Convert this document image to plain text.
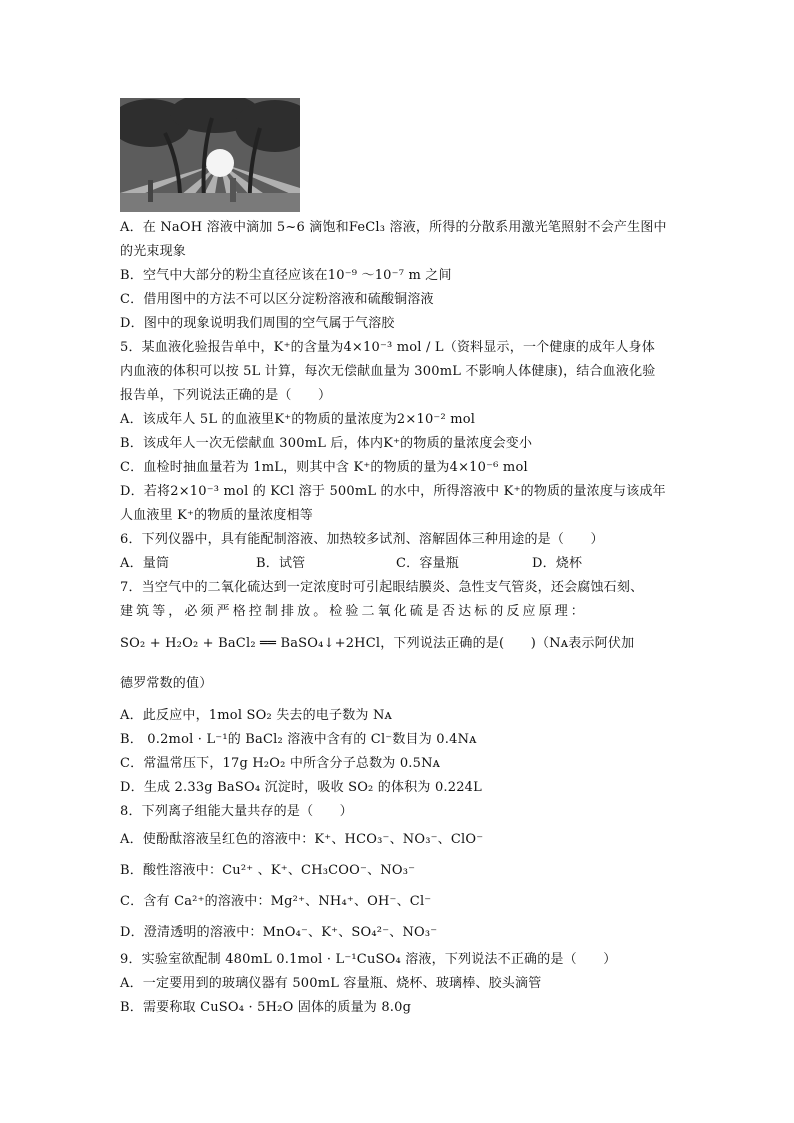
A．在 NaOH 溶液中滴加 5~6 滴饱和FeCl₃ 溶液，所得的分散系用激光笔照射不会产生图中
的光束现象
B．空气中大部分的粉尘直径应该在10⁻⁹ ～10⁻⁷ m 之间
C．借用图中的方法不可以区分淀粉溶液和硫酸铜溶液
D．图中的现象说明我们周围的空气属于气溶胶
5．某血液化验报告单中，K⁺的含量为4×10⁻³ mol / L（资料显示，一个健康的成年人身体
内血液的体积可以按 5L 计算，每次无偿献血量为 300mL 不影响人体健康)，结合血液化验
报告单，下列说法正确的是（　　）
A．该成年人 5L 的血液里K⁺的物质的量浓度为2×10⁻² mol
B．该成年人一次无偿献血 300mL 后，体内K⁺的物质的量浓度会变小
C．血检时抽血量若为 1mL，则其中含 K⁺的物质的量为4×10⁻⁶ mol
D．若将2×10⁻³ mol 的 KCl 溶于 500mL 的水中，所得溶液中 K⁺的物质的量浓度与该成年
人血液里 K⁺的物质的量浓度相等
6．下列仪器中，具有能配制溶液、加热较多试剂、溶解固体三种用途的是（　　）
A．量筒	B．试管	C．容量瓶	D．烧杯
7．当空气中的二氧化硫达到一定浓度时可引起眼结膜炎、急性支气管炎，还会腐蚀石刻、
建筑等，必须严格控制排放。检验二氧化硫是否达标的反应原理：
SO₂ + H₂O₂ + BaCl₂ ══ BaSO₄↓+2HCl，下列说法正确的是(　　)（Nᴀ表示阿伏加
德罗常数的值）
A．此反应中，1mol SO₂ 失去的电子数为 Nᴀ
B． 0.2mol · L⁻¹的 BaCl₂ 溶液中含有的 Cl⁻数目为 0.4Nᴀ
C．常温常压下，17g H₂O₂ 中所含分子总数为 0.5Nᴀ
D．生成 2.33g BaSO₄ 沉淀时，吸收 SO₂ 的体积为 0.224L
8．下列离子组能大量共存的是（　　）
A．使酚酞溶液呈红色的溶液中：K⁺、HCO₃⁻、NO₃⁻、ClO⁻
B．酸性溶液中：Cu²⁺ 、K⁺、CH₃COO⁻、NO₃⁻
C．含有 Ca²⁺的溶液中：Mg²⁺、NH₄⁺、OH⁻、Cl⁻
D．澄清透明的溶液中：MnO₄⁻、K⁺、SO₄²⁻、NO₃⁻
9．实验室欲配制 480mL 0.1mol · L⁻¹CuSO₄ 溶液，下列说法不正确的是（　　）
A．一定要用到的玻璃仪器有 500mL 容量瓶、烧杯、玻璃棒、胶头滴管
B．需要称取 CuSO₄ · 5H₂O 固体的质量为 8.0g
